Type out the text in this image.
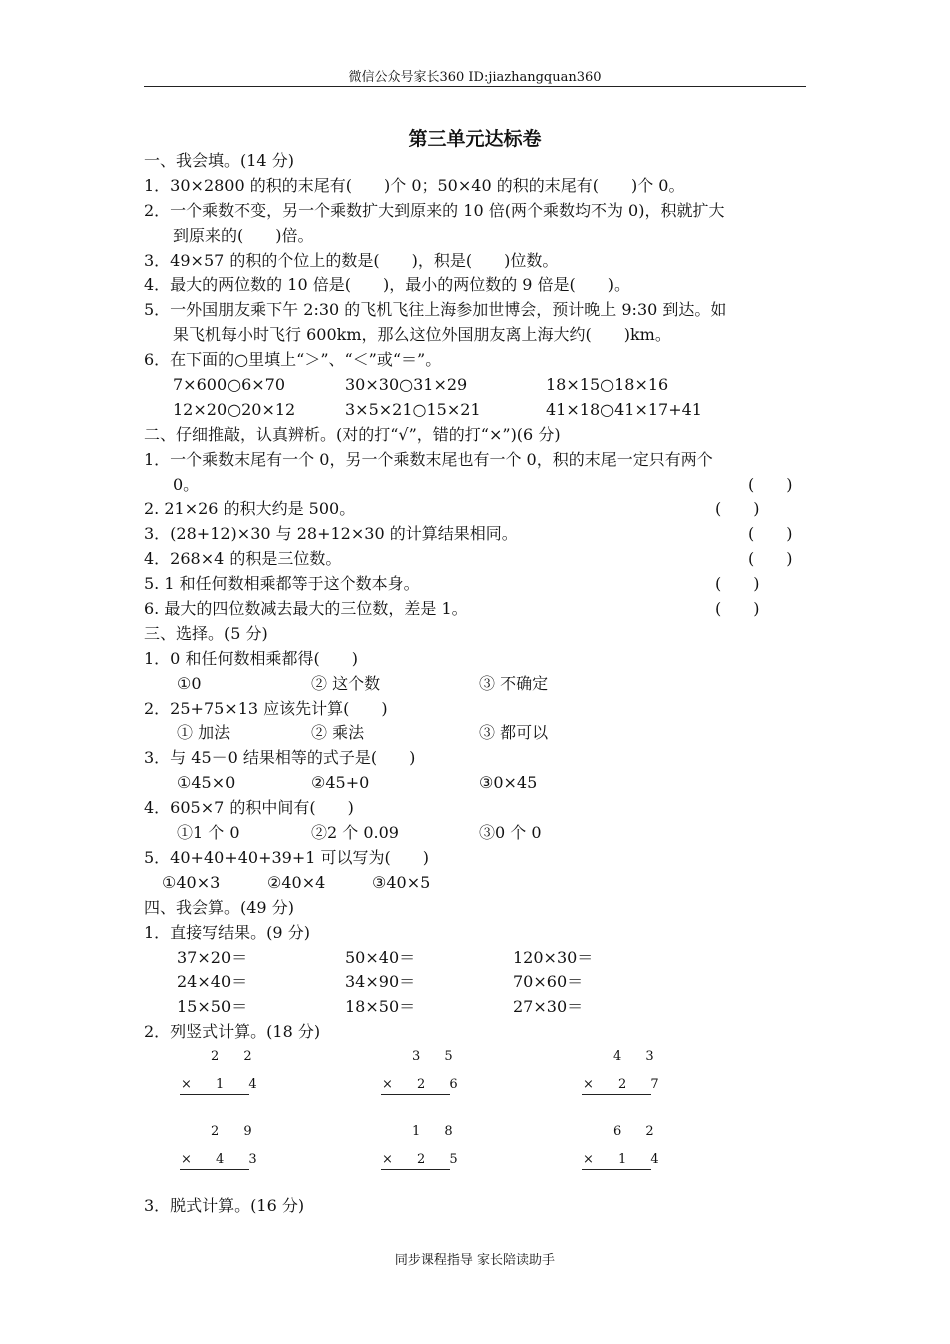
微信公众号家长360 ID:jiazhangquan360
第三单元达标卷
一、我会填。(14 分)
1．30×2800 的积的末尾有(　　)个 0；50×40 的积的末尾有(　　)个 0。
2．一个乘数不变，另一个乘数扩大到原来的 10 倍(两个乘数均不为 0)，积就扩大
到原来的(　　)倍。
3．49×57 的积的个位上的数是(　　)，积是(　　)位数。
4．最大的两位数的 10 倍是(　　)，最小的两位数的 9 倍是(　　)。
5．一外国朋友乘下午 2:30 的飞机飞往上海参加世博会，预计晚上 9:30 到达。如
果飞机每小时飞行 600km，那么这位外国朋友离上海大约(　　)km。
6．在下面的○里填上“＞”、“＜”或“＝”。
7×600○6×70	30×30○31×29	18×15○18×16
12×20○20×12	3×5×21○15×21	41×18○41×17+41
二、仔细推敲，认真辨析。(对的打“√”，错的打“×”)(6 分)
1．一个乘数末尾有一个 0，另一个乘数末尾也有一个 0，积的末尾一定只有两个
0。	(　　)
2. 21×26 的积大约是 500。	(　　)
3．(28+12)×30 与 28+12×30 的计算结果相同。	(　　)
4．268×4 的积是三位数。	(　　)
5. 1 和任何数相乘都等于这个数本身。	(　　)
6. 最大的四位数减去最大的三位数，差是 1。	(　　)
三、选择。(5 分)
1．0 和任何数相乘都得(　　)
①0	② 这个数	③ 不确定
2．25+75×13 应该先计算(　　)
① 加法	② 乘法	③ 都可以
3．与 45－0 结果相等的式子是(　　)
①45×0	②45+0	③0×45
4．605×7 的积中间有(　　)
①1 个 0	②2 个 0.09	③0 个 0
5．40+40+40+39+1 可以写为(　　)
①40×3	②40×4	③40×5
四、我会算。(49 分)
1．直接写结果。(9 分)
37×20＝	50×40＝	120×30＝
24×40＝	34×90＝	70×60＝
15×50＝	18×50＝	27×30＝
2．列竖式计算。(18 分)
2 2
× 1 4
3 5
× 2 6
4 3
× 2 7
2 9
× 4 3
1 8
× 2 5
6 2
× 1 4
3．脱式计算。(16 分)
同步课程指导 家长陪读助手
